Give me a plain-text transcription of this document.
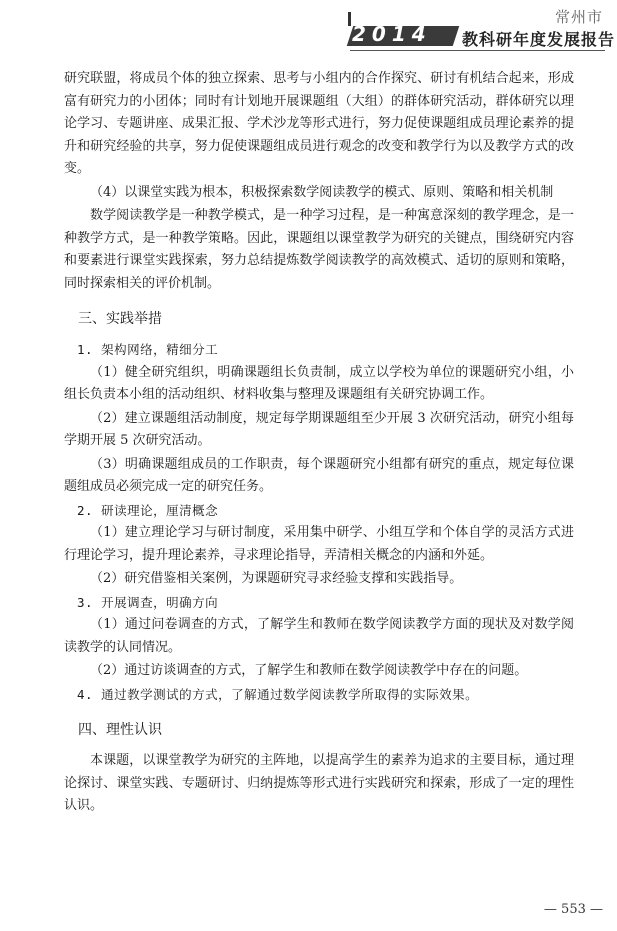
2014	教科研年度发展报告
常州市

研究联盟，将成员个体的独立探索、思考与小组内的合作探究、研讨有机结合起来，形成富有研究力的小团体；同时有计划地开展课题组（大组）的群体研究活动，群体研究以理论学习、专题讲座、成果汇报、学术沙龙等形式进行，努力促使课题组成员理论素养的提升和研究经验的共享，努力促使课题组成员进行观念的改变和教学行为以及教学方式的改变。

（4）以课堂实践为根本，积极探索数学阅读教学的模式、原则、策略和相关机制

数学阅读教学是一种教学模式，是一种学习过程，是一种寓意深刻的教学理念，是一种教学方式，是一种教学策略。因此，课题组以课堂教学为研究的关键点，围绕研究内容和要素进行课堂实践探索，努力总结提炼数学阅读教学的高效模式、适切的原则和策略，同时探索相关的评价机制。

三、实践举措
1. 架构网络，精细分工

（1）健全研究组织，明确课题组长负责制，成立以学校为单位的课题研究小组，小组长负责本小组的活动组织、材料收集与整理及课题组有关研究协调工作。

（2）建立课题组活动制度，规定每学期课题组至少开展 3 次研究活动，研究小组每学期开展 5 次研究活动。

（3）明确课题组成员的工作职责，每个课题研究小组都有研究的重点，规定每位课题组成员必须完成一定的研究任务。

2. 研读理论，厘清概念

（1）建立理论学习与研讨制度，采用集中研学、小组互学和个体自学的灵活方式进行理论学习，提升理论素养，寻求理论指导，弄清相关概念的内涵和外延。

（2）研究借鉴相关案例，为课题研究寻求经验支撑和实践指导。

3. 开展调查，明确方向

（1）通过问卷调查的方式，了解学生和教师在数学阅读教学方面的现状及对数学阅读教学的认同情况。

（2）通过访谈调查的方式，了解学生和教师在数学阅读教学中存在的问题。

4. 通过教学测试的方式，了解通过数学阅读教学所取得的实际效果。
四、理性认识

本课题，以课堂教学为研究的主阵地，以提高学生的素养为追求的主要目标，通过理论探讨、课堂实践、专题研讨、归纳提炼等形式进行实践研究和探索，形成了一定的理性认识。

— 553 —
